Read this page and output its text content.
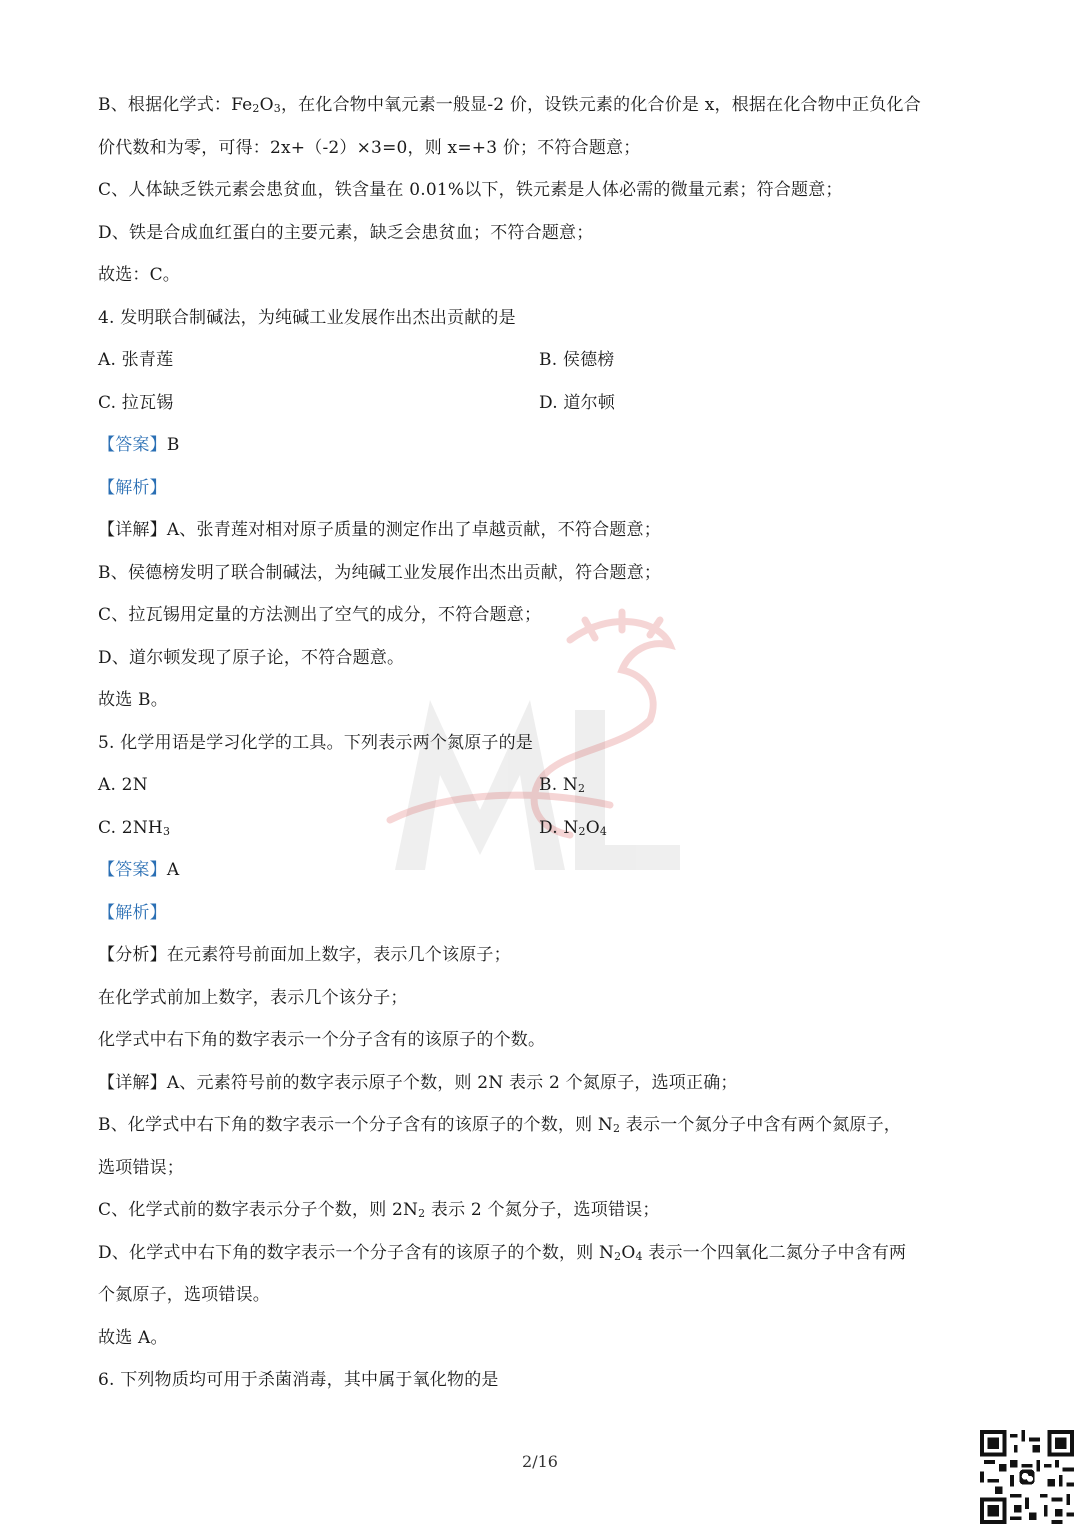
B、根据化学式：$Fe_2O_3$，在化合物中氧元素一般显-2 价，设铁元素的化合价是 x，根据在化合物中正负化合
价代数和为零，可得：2x+（-2）×3=0，则 x=+3 价；不符合题意；
C、人体缺乏铁元素会患贫血，铁含量在 0.01%以下，铁元素是人体必需的微量元素；符合题意；
D、铁是合成血红蛋白的主要元素，缺乏会患贫血；不符合题意；
故选：C。
4. 发明联合制碱法，为纯碱工业发展作出杰出贡献的是
A. 张青莲	B. 侯德榜
C. 拉瓦锡	D. 道尔顿
【答案】B
【解析】
【详解】A、张青莲对相对原子质量的测定作出了卓越贡献，不符合题意；
B、侯德榜发明了联合制碱法，为纯碱工业发展作出杰出贡献，符合题意；
C、拉瓦锡用定量的方法测出了空气的成分，不符合题意；
D、道尔顿发现了原子论，不符合题意。
故选 B。
5. 化学用语是学习化学的工具。下列表示两个氮原子的是
A. 2N	B. $N_2$
C. $2NH_3$	D. $N_2O_4$
【答案】A
【解析】
【分析】在元素符号前面加上数字，表示几个该原子；
在化学式前加上数字，表示几个该分子；
化学式中右下角的数字表示一个分子含有的该原子的个数。
【详解】A、元素符号前的数字表示原子个数，则 2N 表示 2 个氮原子，选项正确；
B、化学式中右下角的数字表示一个分子含有的该原子的个数，则 $N_2$ 表示一个氮分子中含有两个氮原子，
选项错误；
C、化学式前的数字表示分子个数，则 $2N_2$ 表示 2 个氮分子，选项错误；
D、化学式中右下角的数字表示一个分子含有的该原子的个数，则 $N_2O_4$ 表示一个四氧化二氮分子中含有两
个氮原子，选项错误。
故选 A。
6. 下列物质均可用于杀菌消毒，其中属于氧化物的是
2/16
